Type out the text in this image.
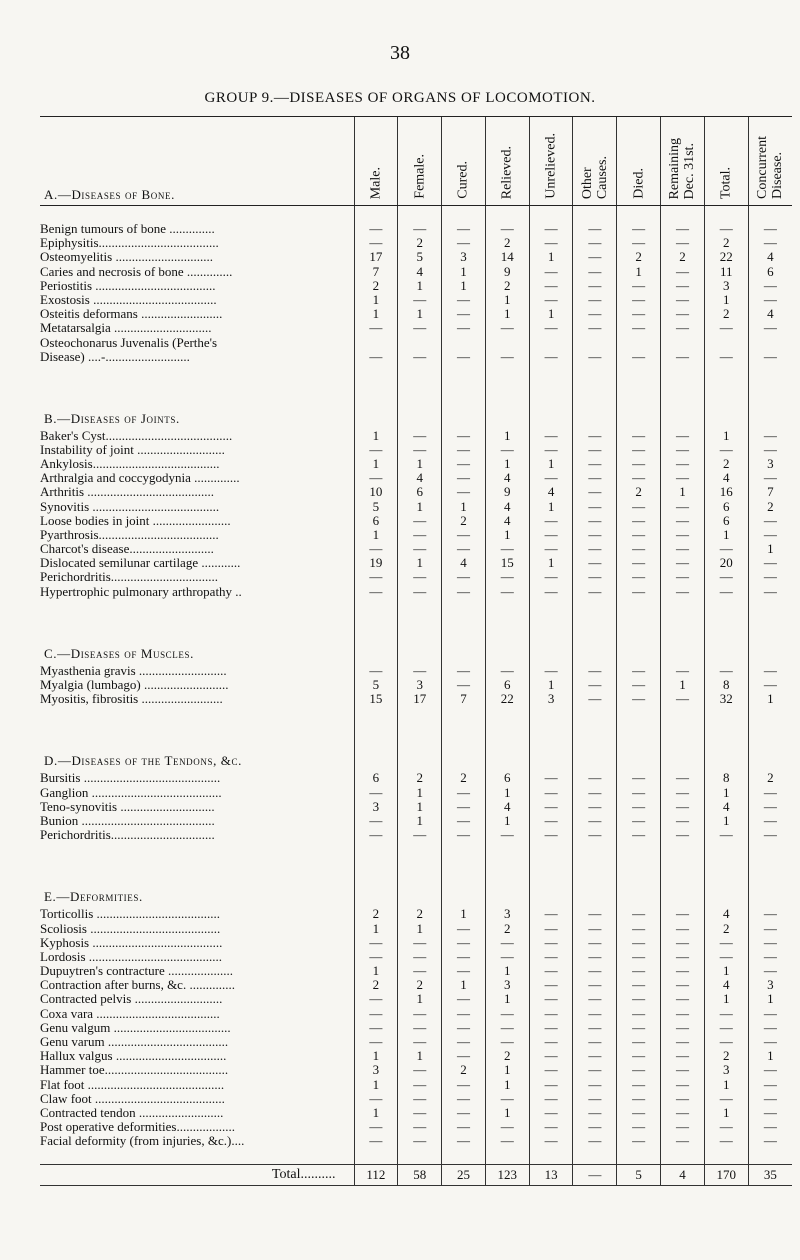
38
GROUP 9.—DISEASES OF ORGANS OF LOCOMOTION.
A.—Diseases of Bone.	Male.	Female.	Cured.	Relieved.	Unrelieved.	Other
Causes.	Died.	Remaining
Dec. 31st.	Total.	Concurrent
Disease.

Benign tumours of bone ..............	—	—	—	—	—	—	—	—	—	—
Epiphysitis.....................................	—	2	—	2	—	—	—	—	2	—
Osteomyelitis ..............................	17	5	3	14	1	—	2	2	22	4
Caries and necrosis of bone ..............	7	4	1	9	—	—	1	—	11	6
Periostitis .....................................	2	1	1	2	—	—	—	—	3	—
Exostosis ......................................	1	—	—	1	—	—	—	—	1	—
Osteitis deformans .........................	1	1	—	1	1	—	—	—	2	4
Metatarsalgia ..............................	—	—	—	—	—	—	—	—	—	—

Osteochonarus Juvenalis (Perthe's
Disease) ....-..........................	—	—	—	—	—	—	—	—	—	—

B.—Diseases of Joints.										
Baker's Cyst.......................................	1	—	—	1	—	—	—	—	1	—
Instability of joint ...........................	—	—	—	—	—	—	—	—	—	—
Ankylosis.......................................	1	1	—	1	1	—	—	—	2	3
Arthralgia and coccygodynia ..............	—	4	—	4	—	—	—	—	4	—
Arthritis .......................................	10	6	—	9	4	—	2	1	16	7
Synovitis .......................................	5	1	1	4	1	—	—	—	6	2
Loose bodies in joint ........................	6	—	2	4	—	—	—	—	6	—
Pyarthrosis.....................................	1	—	—	1	—	—	—	—	1	—
Charcot's disease..........................	—	—	—	—	—	—	—	—	—	1
Dislocated semilunar cartilage ............	19	1	4	15	1	—	—	—	20	—
Perichordritis.................................	—	—	—	—	—	—	—	—	—	—
Hypertrophic pulmonary arthropathy ..	—	—	—	—	—	—	—	—	—	—

C.—Diseases of Muscles.										
Myasthenia gravis ...........................	—	—	—	—	—	—	—	—	—	—
Myalgia (lumbago) ..........................	5	3	—	6	1	—	—	1	8	—
Myositis, fibrositis .........................	15	17	7	22	3	—	—	—	32	1

D.—Diseases of the Tendons, &c.										
Bursitis ..........................................	6	2	2	6	—	—	—	—	8	2
Ganglion ........................................	—	1	—	1	—	—	—	—	1	—
Teno-synovitis .............................	3	1	—	4	—	—	—	—	4	—
Bunion .........................................	—	1	—	1	—	—	—	—	1	—
Perichordritis................................	—	—	—	—	—	—	—	—	—	—

E.—Deformities.										
Torticollis ......................................	2	2	1	3	—	—	—	—	4	—
Scoliosis ........................................	1	1	—	2	—	—	—	—	2	—
Kyphosis ........................................	—	—	—	—	—	—	—	—	—	—
Lordosis .........................................	—	—	—	—	—	—	—	—	—	—
Dupuytren's contracture ....................	1	—	—	1	—	—	—	—	1	—
Contraction after burns, &c. ..............	2	2	1	3	—	—	—	—	4	3
Contracted pelvis ...........................	—	1	—	1	—	—	—	—	1	1
Coxa vara ......................................	—	—	—	—	—	—	—	—	—	—
Genu valgum ....................................	—	—	—	—	—	—	—	—	—	—
Genu varum .....................................	—	—	—	—	—	—	—	—	—	—
Hallux valgus ..................................	1	1	—	2	—	—	—	—	2	1
Hammer toe......................................	3	—	2	1	—	—	—	—	3	—
Flat foot ..........................................	1	—	—	1	—	—	—	—	1	—
Claw foot ........................................	—	—	—	—	—	—	—	—	—	—
Contracted tendon ..........................	1	—	—	1	—	—	—	—	1	—
Post operative deformities..................	—	—	—	—	—	—	—	—	—	—
Facial deformity (from injuries, &c.)....	—	—	—	—	—	—	—	—	—	—

Total..........	112	58	25	123	13	—	5	4	170	35
